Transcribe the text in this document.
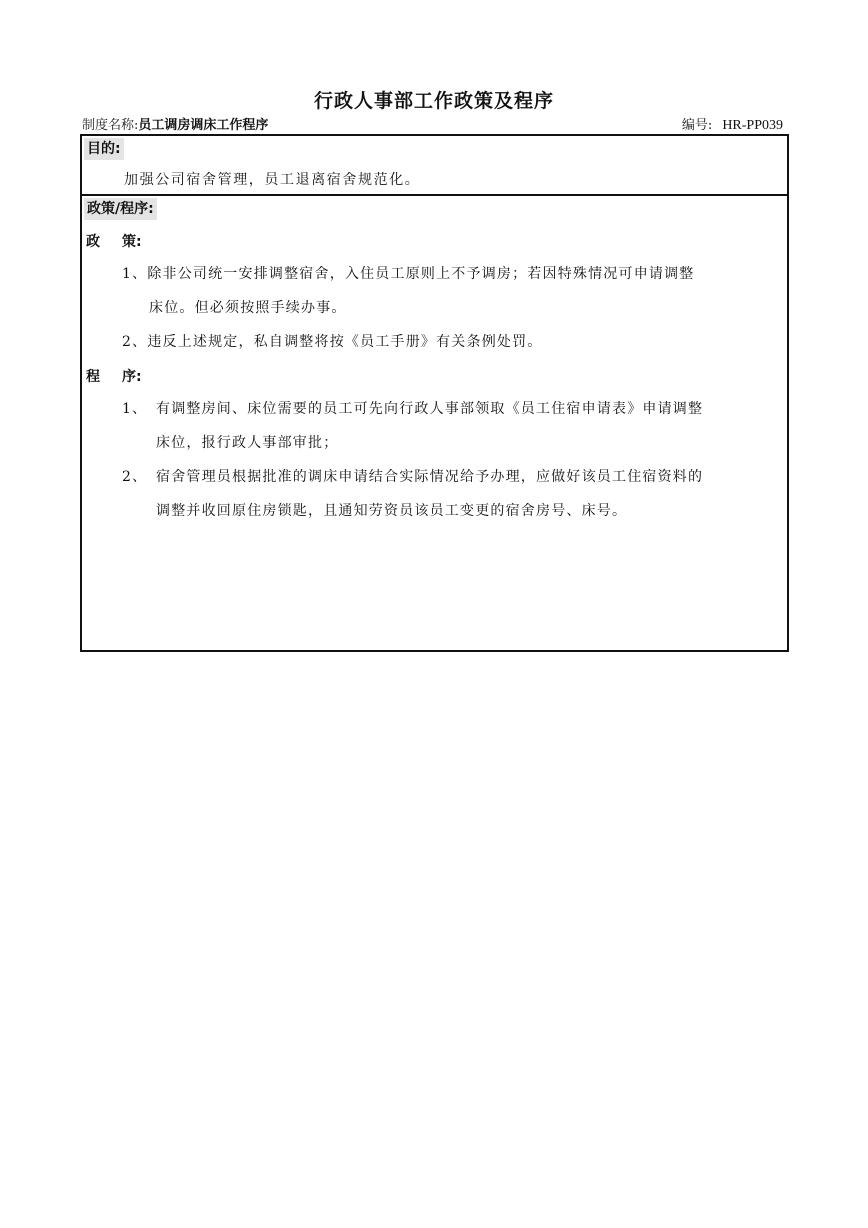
行政人事部工作政策及程序
制度名称:员工调房调床工作程序	编号: HR-PP039
目的:
加强公司宿舍管理，员工退离宿舍规范化。
政策/程序:
政 策:
1、除非公司统一安排调整宿舍，入住员工原则上不予调房；若因特殊情况可申请调整
床位。但必须按照手续办事。
2、违反上述规定，私自调整将按《员工手册》有关条例处罚。
程 序:
1、 有调整房间、床位需要的员工可先向行政人事部领取《员工住宿申请表》申请调整
床位，报行政人事部审批；
2、 宿舍管理员根据批准的调床申请结合实际情况给予办理，应做好该员工住宿资料的
调整并收回原住房锁匙，且通知劳资员该员工变更的宿舍房号、床号。
